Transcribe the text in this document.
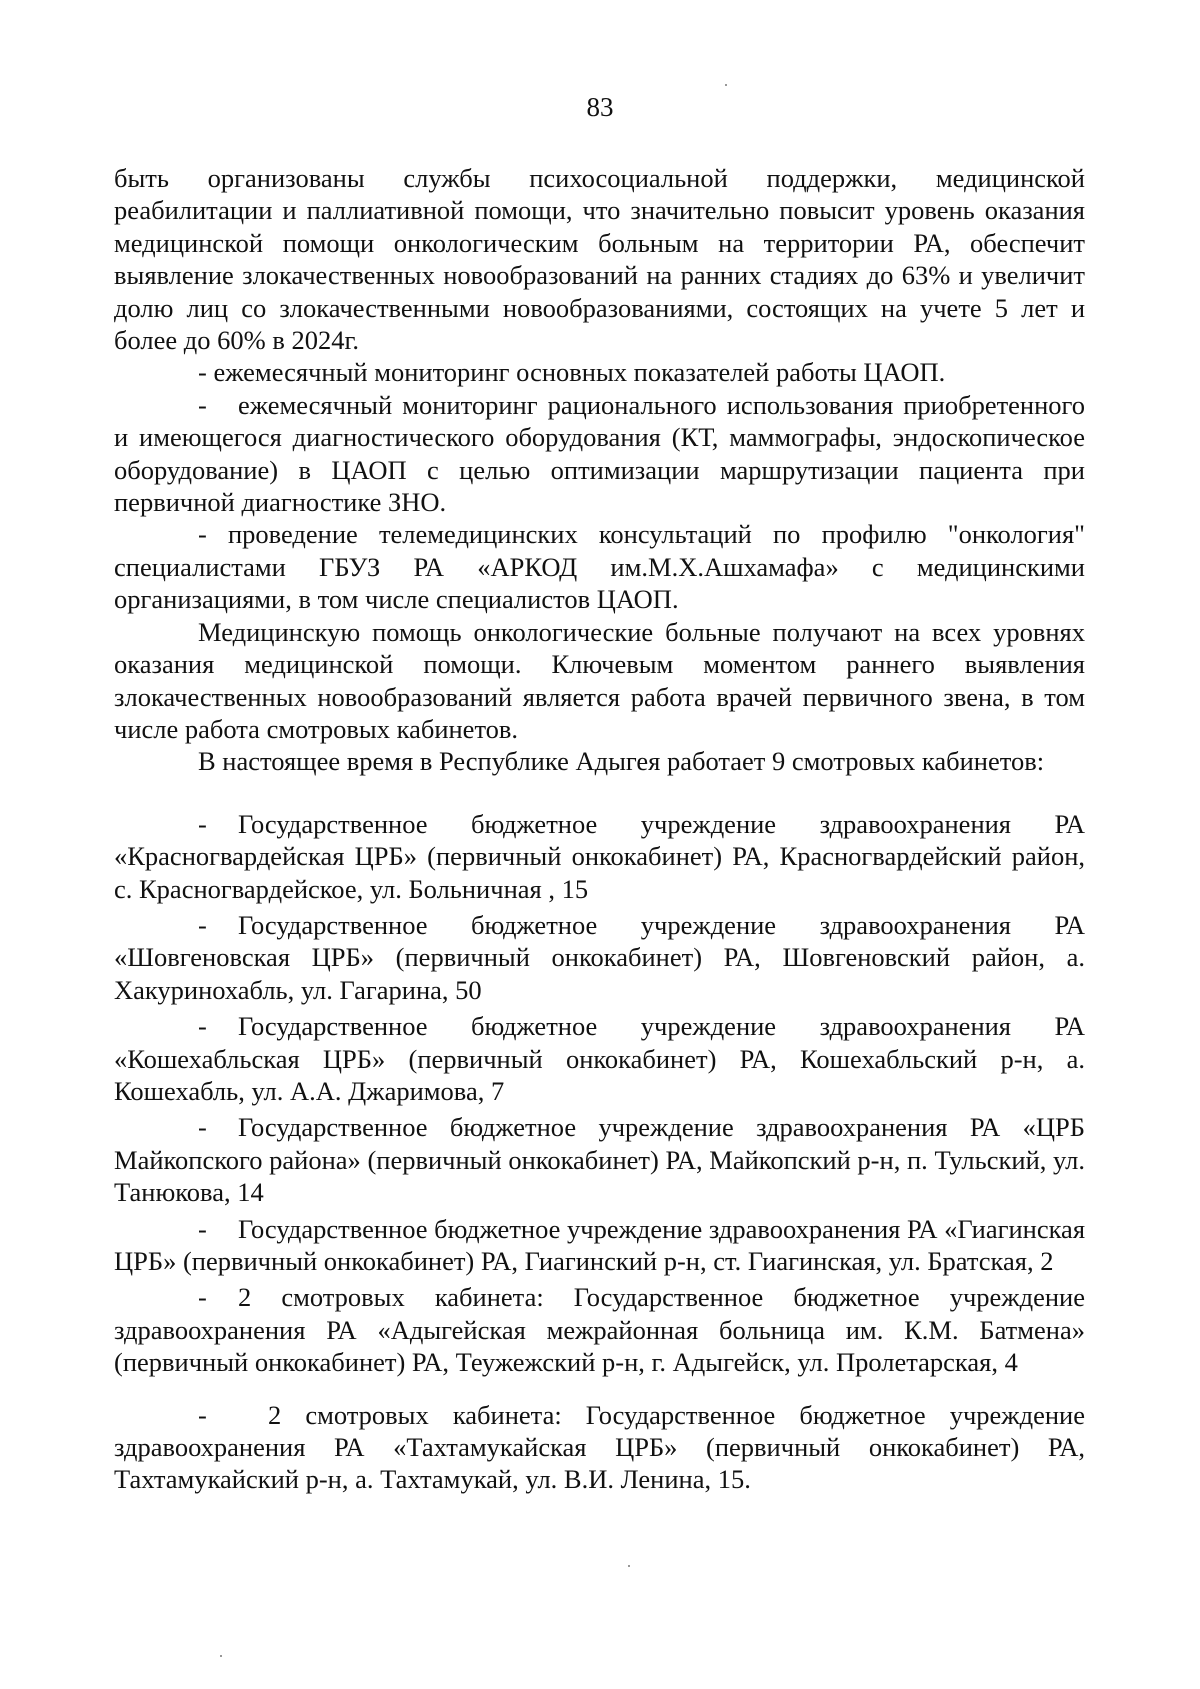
83

быть организованы службы психосоциальной поддержки, медицинской реабилитации и паллиативной помощи, что значительно повысит уровень оказания медицинской помощи онкологическим больным на территории РА, обеспечит выявление злокачественных новообразований на ранних стадиях до 63% и увеличит долю лиц со злокачественными новообразованиями, состоящих на учете 5 лет и более до 60% в 2024г.

- ежемесячный мониторинг основных показателей работы ЦАОП.

- ежемесячный мониторинг рационального использования приобретенного и имеющегося диагностического оборудования (КТ, маммографы, эндоскопическое оборудование) в ЦАОП с целью оптимизации маршрутизации пациента при первичной диагностике ЗНО.

- проведение телемедицинских консультаций по профилю "онкология" специалистами ГБУЗ РА «АРКОД им.М.Х.Ашхамафа» с медицинскими организациями, в том числе специалистов ЦАОП.

Медицинскую помощь онкологические больные получают на всех уровнях оказания медицинской помощи. Ключевым моментом раннего выявления злокачественных новообразований является работа врачей первичного звена, в том числе работа смотровых кабинетов.

В настоящее время в Республике Адыгея работает 9 смотровых кабинетов:

- Государственное бюджетное учреждение здравоохранения РА «Красногвардейская ЦРБ» (первичный онкокабинет) РА, Красногвардейский район, с. Красногвардейское, ул. Больничная , 15

- Государственное бюджетное учреждение здравоохранения РА «Шовгеновская ЦРБ» (первичный онкокабинет) РА, Шовгеновский район, а. Хакуринохабль, ул. Гагарина, 50

- Государственное бюджетное учреждение здравоохранения РА «Кошехабльская ЦРБ» (первичный онкокабинет) РА, Кошехабльский р-н, а. Кошехабль, ул. А.А. Джаримова, 7

- Государственное бюджетное учреждение здравоохранения РА «ЦРБ Майкопского района» (первичный онкокабинет) РА, Майкопский р-н, п. Тульский, ул. Танюкова, 14

- Государственное бюджетное учреждение здравоохранения РА «Гиагинская ЦРБ» (первичный онкокабинет) РА, Гиагинский р-н, ст. Гиагинская, ул. Братская, 2

- 2 смотровых кабинета: Государственное бюджетное учреждение здравоохранения РА «Адыгейская межрайонная больница им. К.М. Батмена» (первичный онкокабинет) РА, Теужежский р-н, г. Адыгейск, ул. Пролетарская, 4

- 2 смотровых кабинета: Государственное бюджетное учреждение здравоохранения РА «Тахтамукайская ЦРБ» (первичный онкокабинет) РА, Тахтамукайский р-н, а. Тахтамукай, ул. В.И. Ленина, 15.
